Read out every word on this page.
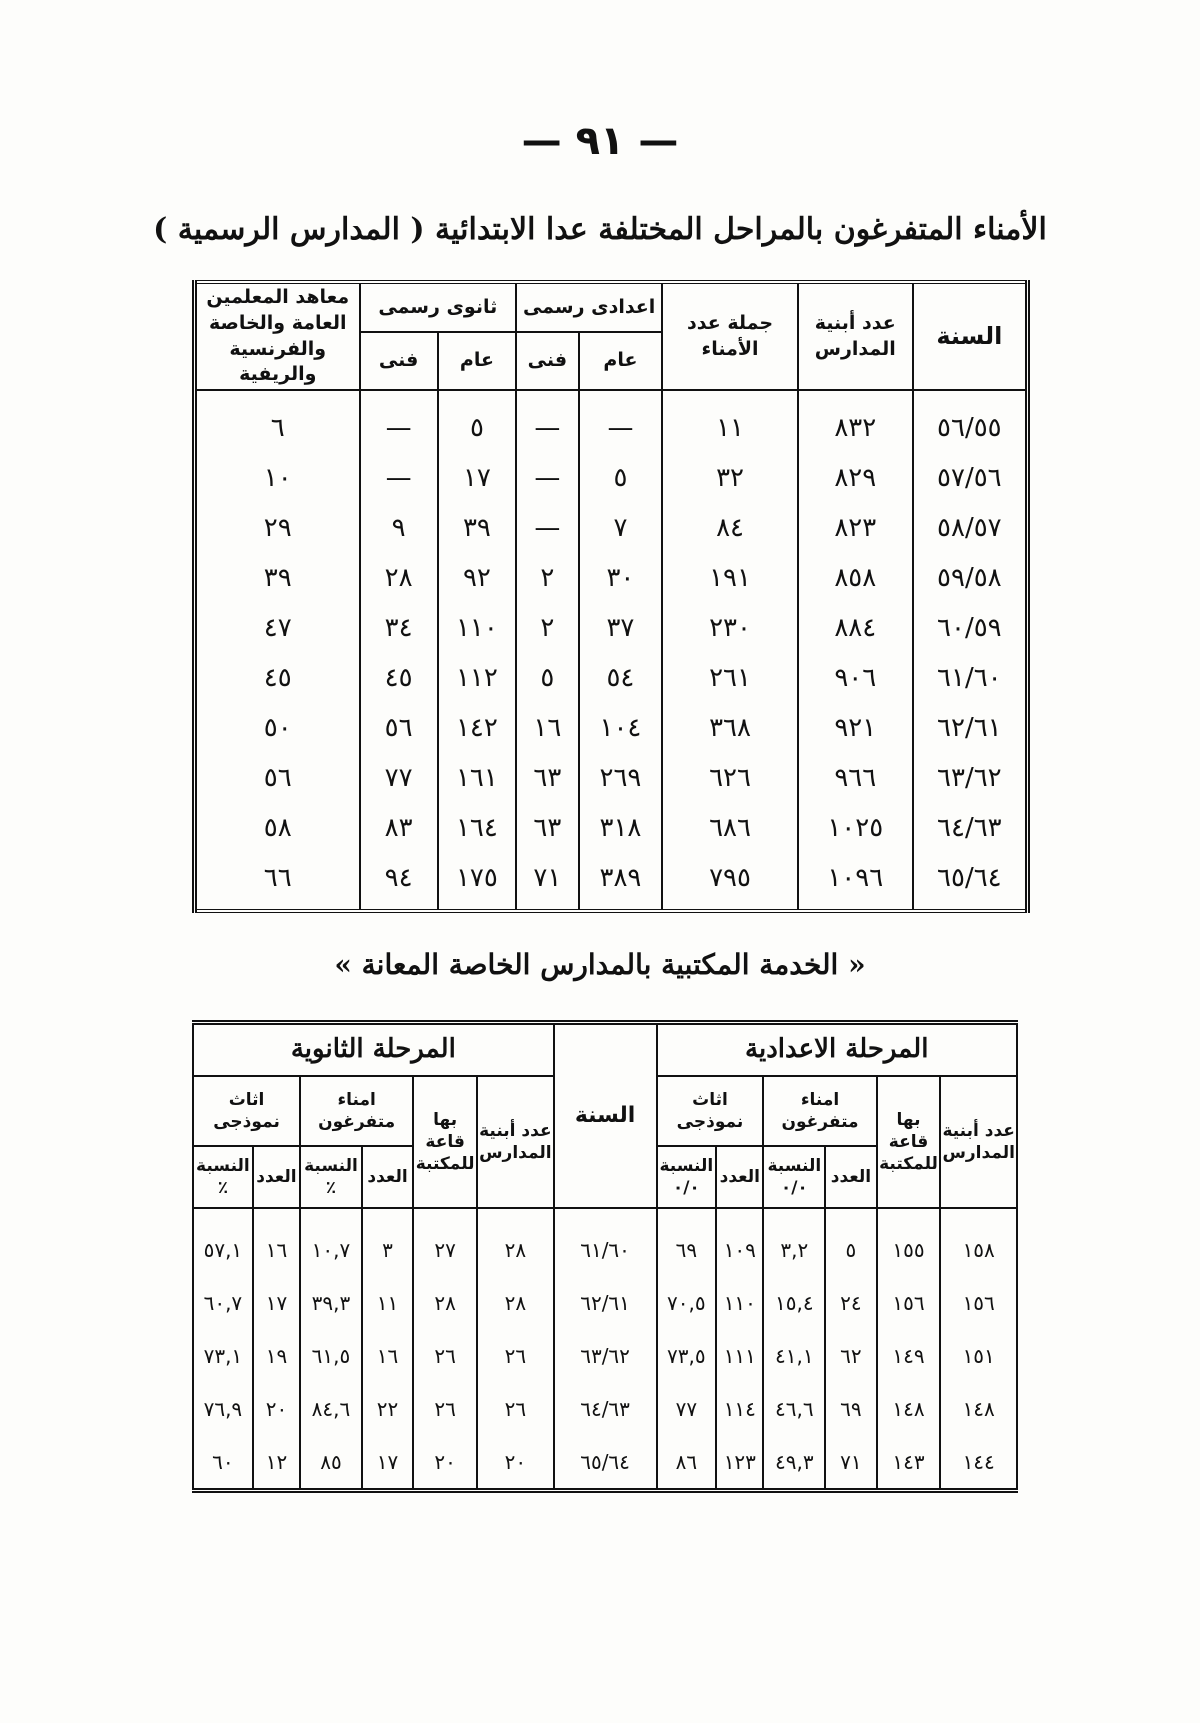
— ٩١ —
الأمناء المتفرغون بالمراحل المختلفة عدا الابتدائية ( المدارس الرسمية )
السنة	عدد أبنية المدارس	جملة عدد الأمناء	اعدادى رسمى		ثانوى رسمى		معاهد المعلمين العامة والخاصة والفرنسية والريفية
			عام	فنى	عام	فنى	
٥٦/٥٥	٨٣٢	١١	—	—	٥	—	٦
٥٧/٥٦	٨٢٩	٣٢	٥	—	١٧	—	١٠
٥٨/٥٧	٨٢٣	٨٤	٧	—	٣٩	٩	٢٩
٥٩/٥٨	٨٥٨	١٩١	٣٠	٢	٩٢	٢٨	٣٩
٦٠/٥٩	٨٨٤	٢٣٠	٣٧	٢	١١٠	٣٤	٤٧
٦١/٦٠	٩٠٦	٢٦١	٥٤	٥	١١٢	٤٥	٤٥
٦٢/٦١	٩٢١	٣٦٨	١٠٤	١٦	١٤٢	٥٦	٥٠
٦٣/٦٢	٩٦٦	٦٢٦	٢٦٩	٦٣	١٦١	٧٧	٥٦
٦٤/٦٣	١٠٢٥	٦٨٦	٣١٨	٦٣	١٦٤	٨٣	٥٨
٦٥/٦٤	١٠٩٦	٧٩٥	٣٨٩	٧١	١٧٥	٩٤	٦٦
« الخدمة المكتبية بالمدارس الخاصة المعانة »
المرحلة الاعدادية						السنة	المرحلة الثانوية					
عدد أبنية المدارس	بها قاعة للمكتبة	امناء متفرغون		اثاث نموذجى			عدد أبنية المدارس	بها قاعة للمكتبة	امناء متفرغون		اثاث نموذجى	
		العدد	النسبة ٠/٠	العدد	النسبة ٠/٠				العدد	النسبة ٪	العدد	النسبة ٪
١٥٨	١٥٥	٥	٣,٢	١٠٩	٦٩	٦١/٦٠	٢٨	٢٧	٣	١٠,٧	١٦	٥٧,١
١٥٦	١٥٦	٢٤	١٥,٤	١١٠	٧٠,٥	٦٢/٦١	٢٨	٢٨	١١	٣٩,٣	١٧	٦٠,٧
١٥١	١٤٩	٦٢	٤١,١	١١١	٧٣,٥	٦٣/٦٢	٢٦	٢٦	١٦	٦١,٥	١٩	٧٣,١
١٤٨	١٤٨	٦٩	٤٦,٦	١١٤	٧٧	٦٤/٦٣	٢٦	٢٦	٢٢	٨٤,٦	٢٠	٧٦,٩
١٤٤	١٤٣	٧١	٤٩,٣	١٢٣	٨٦	٦٥/٦٤	٢٠	٢٠	١٧	٨٥	١٢	٦٠
